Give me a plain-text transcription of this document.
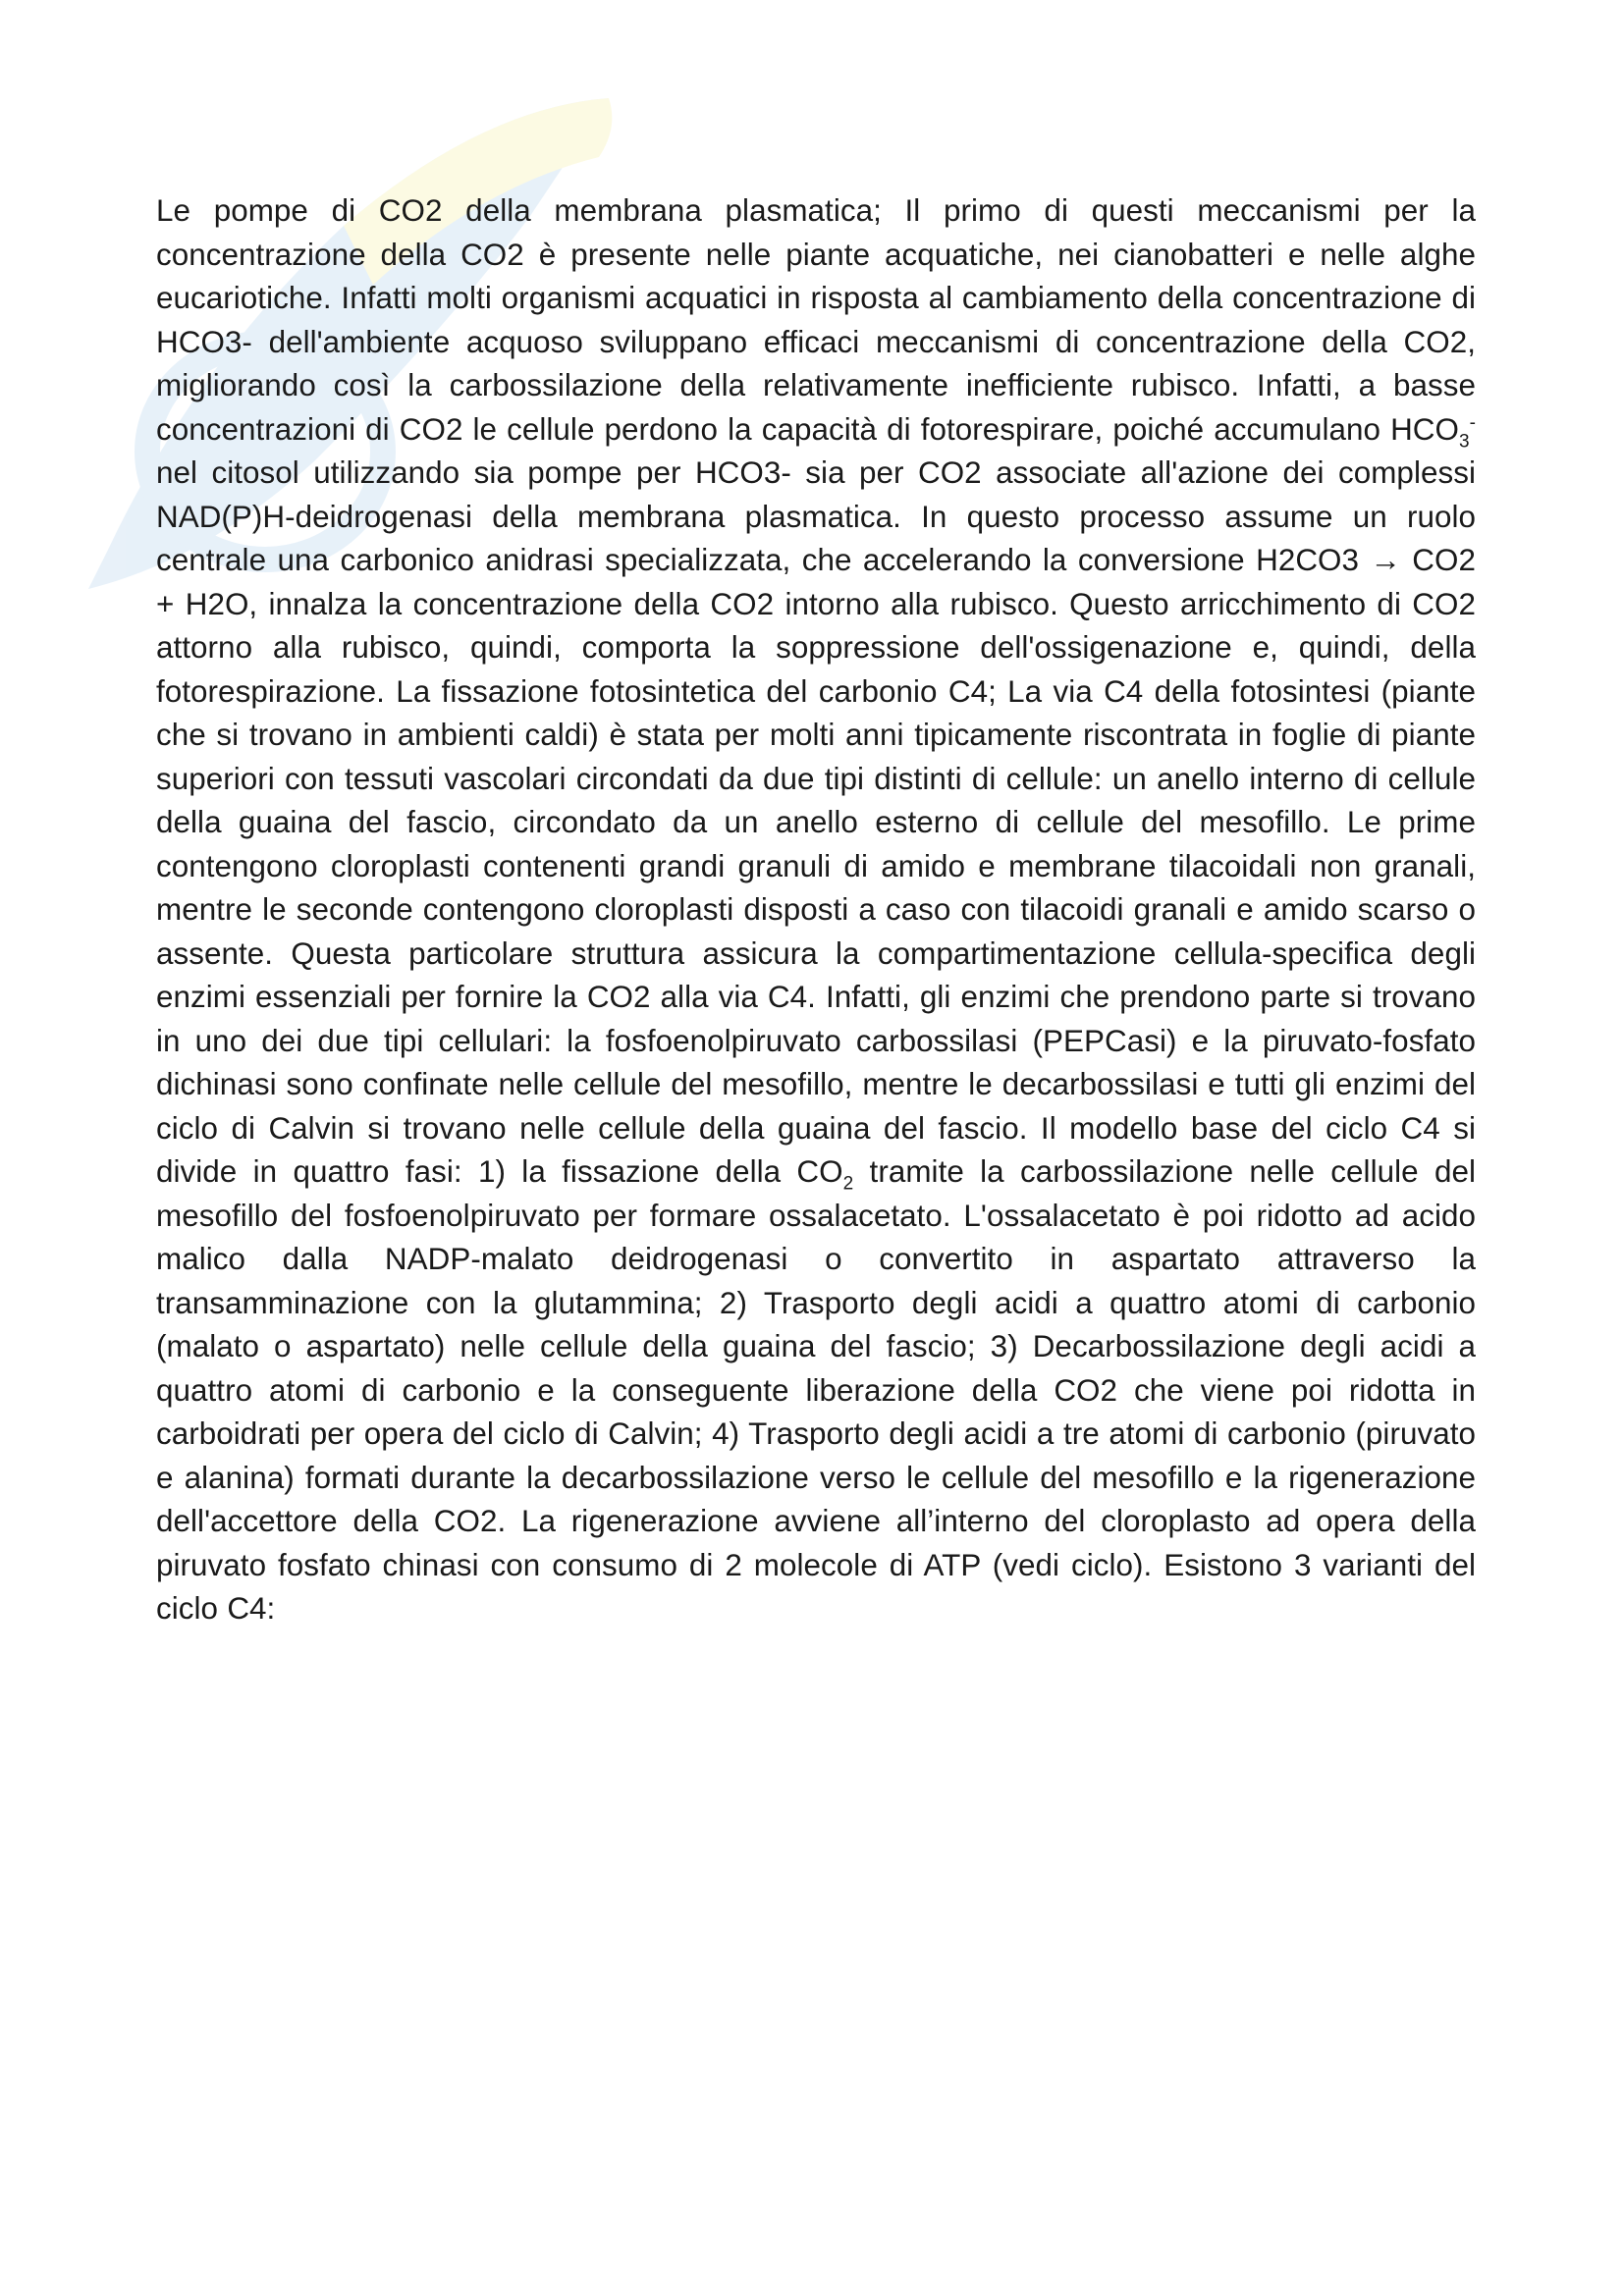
Le pompe di CO2 della membrana plasmatica; Il primo di questi meccanismi per la concentrazione della CO2 è presente nelle piante acquatiche, nei cianobatteri e nelle alghe eucariotiche. Infatti molti organismi acquatici in risposta al cambiamento della concentrazione di HCO3- dell'ambiente acquoso sviluppano efficaci meccanismi di concentrazione della CO2, migliorando così la carbossilazione della relativamente inefficiente rubisco. Infatti, a basse concentrazioni di CO2 le cellule perdono la capacità di fotorespirare, poiché accumulano $HCO_3^-$ nel citosol utilizzando sia pompe per HCO3- sia per CO2 associate all'azione dei complessi NAD(P)H-deidrogenasi della membrana plasmatica. In questo processo assume un ruolo centrale una carbonico anidrasi specializzata, che accelerando la conversione H2CO3 → CO2 + H2O, innalza la concentrazione della CO2 intorno alla rubisco. Questo arricchimento di CO2 attorno alla rubisco, quindi, comporta la soppressione dell'ossigenazione e, quindi, della fotorespirazione. La fissazione fotosintetica del carbonio C4; La via C4 della fotosintesi (piante che si trovano in ambienti caldi) è stata per molti anni tipicamente riscontrata in foglie di piante superiori con tessuti vascolari circondati da due tipi distinti di cellule: un anello interno di cellule della guaina del fascio, circondato da un anello esterno di cellule del mesofillo. Le prime contengono cloroplasti contenenti grandi granuli di amido e membrane tilacoidali non granali, mentre le seconde contengono cloroplasti disposti a caso con tilacoidi granali e amido scarso o assente. Questa particolare struttura assicura la compartimentazione cellula-specifica degli enzimi essenziali per fornire la CO2 alla via C4. Infatti, gli enzimi che prendono parte si trovano in uno dei due tipi cellulari: la fosfoenolpiruvato carbossilasi (PEPCasi) e la piruvato-fosfato dichinasi sono confinate nelle cellule del mesofillo, mentre le decarbossilasi e tutti gli enzimi del ciclo di Calvin si trovano nelle cellule della guaina del fascio. Il modello base del ciclo C4 si divide in quattro fasi: 1) la fissazione della $CO_2$ tramite la carbossilazione nelle cellule del mesofillo del fosfoenolpiruvato per formare ossalacetato. L'ossalacetato è poi ridotto ad acido malico dalla NADP-malato deidrogenasi o convertito in aspartato attraverso la transamminazione con la glutammina; 2) Trasporto degli acidi a quattro atomi di carbonio (malato o aspartato) nelle cellule della guaina del fascio; 3) Decarbossilazione degli acidi a quattro atomi di carbonio e la conseguente liberazione della CO2 che viene poi ridotta in carboidrati per opera del ciclo di Calvin; 4) Trasporto degli acidi a tre atomi di carbonio (piruvato e alanina) formati durante la decarbossilazione verso le cellule del mesofillo e la rigenerazione dell'accettore della CO2. La rigenerazione avviene all’interno del cloroplasto ad opera della piruvato fosfato chinasi con consumo di 2 molecole di ATP (vedi ciclo). Esistono 3 varianti del ciclo C4:
